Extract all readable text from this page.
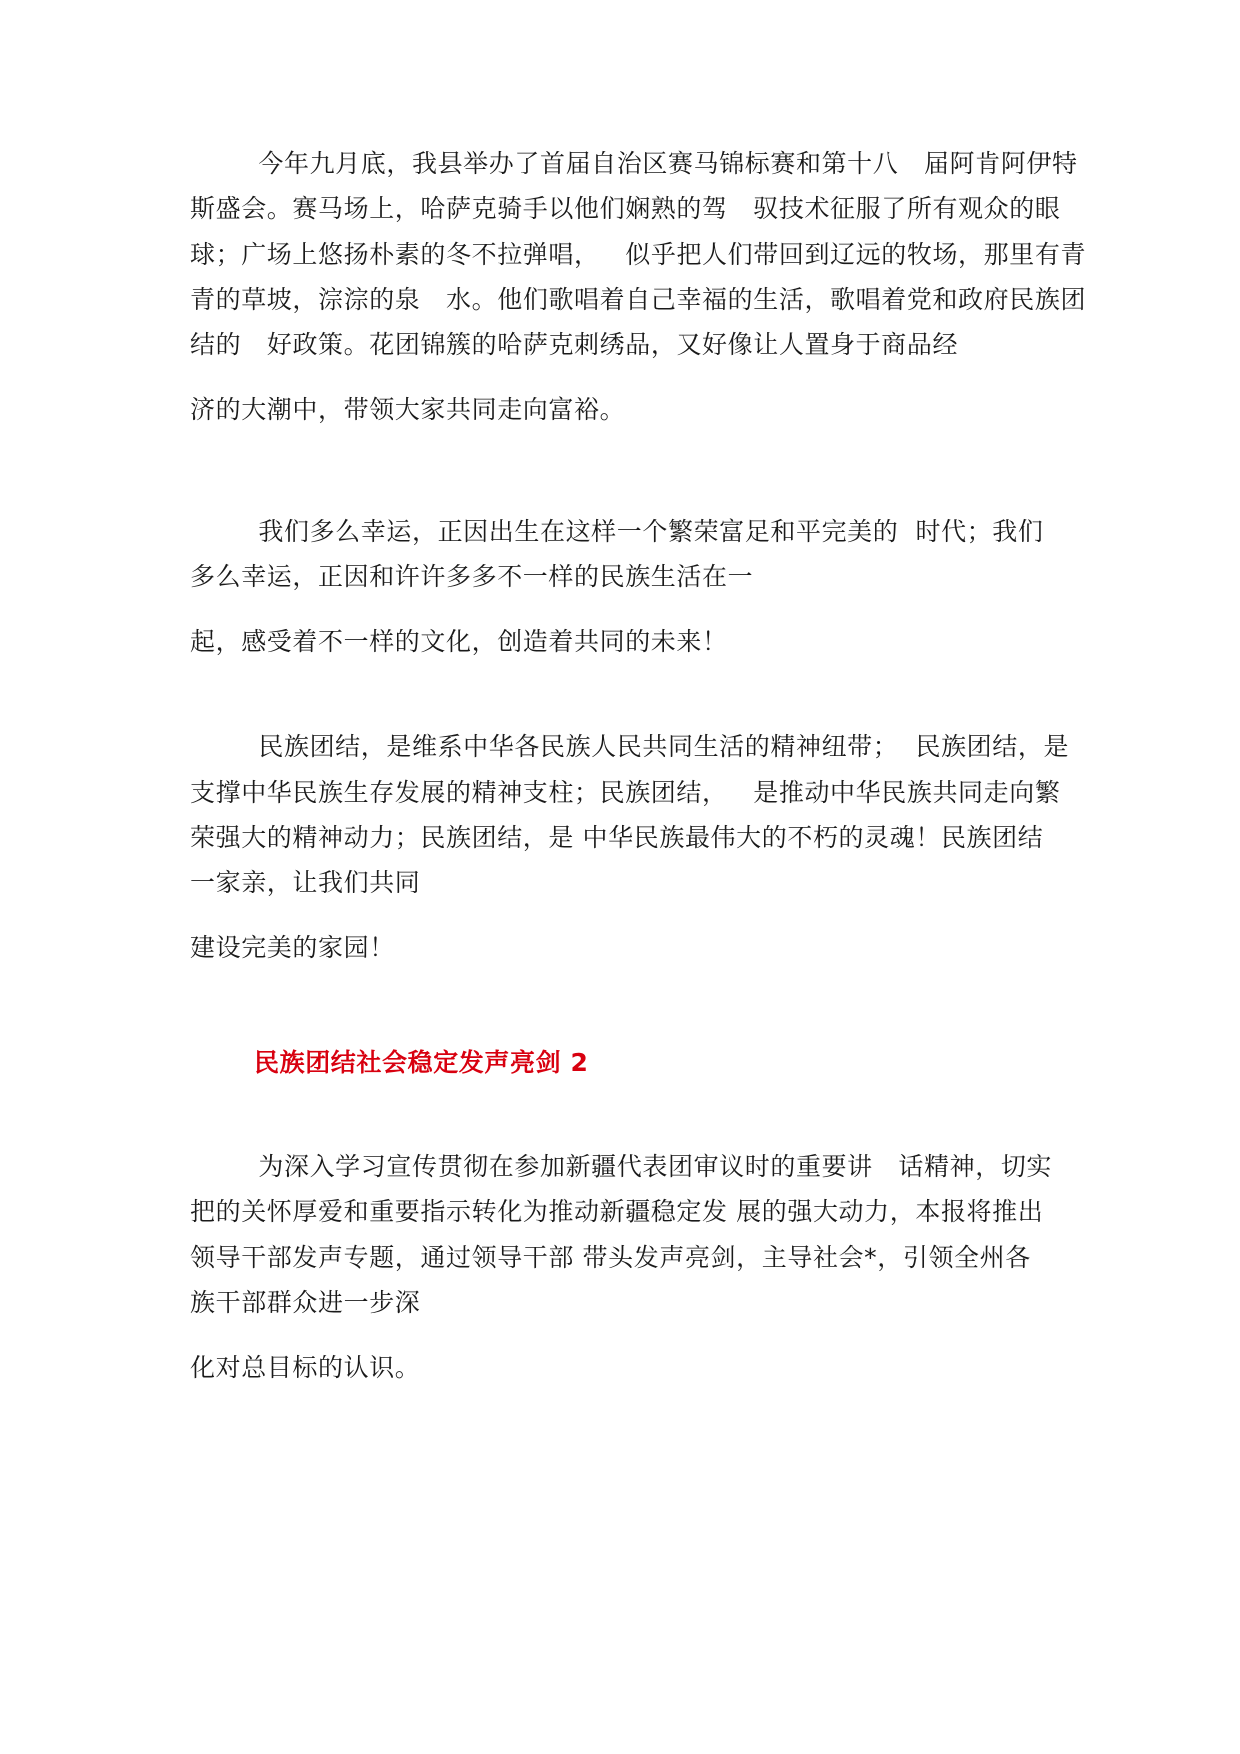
今年九月底，我县举办了首届自治区赛马锦标赛和第十八   届阿肯阿伊特
斯盛会。赛马场上，哈萨克骑手以他们娴熟的驾   驭技术征服了所有观众的眼
球；广场上悠扬朴素的冬不拉弹唱，   似乎把人们带回到辽远的牧场，那里有青
青的草坡，淙淙的泉   水。他们歌唱着自己幸福的生活，歌唱着党和政府民族团
结的   好政策。花团锦簇的哈萨克刺绣品，又好像让人置身于商品经
济的大潮中，带领大家共同走向富裕。
我们多么幸运，正因出生在这样一个繁荣富足和平完美的  时代；我们
多么幸运，正因和许许多多不一样的民族生活在一
起，感受着不一样的文化，创造着共同的未来！
民族团结，是维系中华各民族人民共同生活的精神纽带；  民族团结，是
支撑中华民族生存发展的精神支柱；民族团结，   是推动中华民族共同走向繁
荣强大的精神动力；民族团结，是 中华民族最伟大的不朽的灵魂！民族团结
一家亲，让我们共同
建设完美的家园！
民族团结社会稳定发声亮剑 2
为深入学习宣传贯彻在参加新疆代表团审议时的重要讲   话精神，切实
把的关怀厚爱和重要指示转化为推动新疆稳定发 展的强大动力，本报将推出
领导干部发声专题，通过领导干部 带头发声亮剑，主导社会*，引领全州各
族干部群众进一步深
化对总目标的认识。
